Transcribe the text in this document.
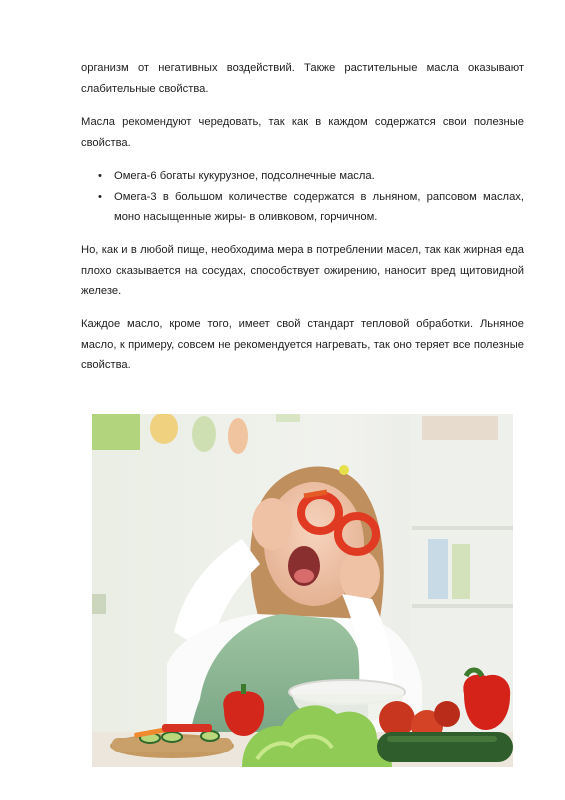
организм от негативных воздействий. Также растительные масла оказывают слабительные свойства.

Масла рекомендуют чередовать, так как в каждом содержатся свои полезные свойства.

• Омега-6 богаты кукурузное, подсолнечные масла.
• Омега-3 в большом количестве содержатся в льняном, рапсовом маслах, моно насыщенные жиры- в оливковом, горчичном.

Но, как и в любой пище, необходима мера в потреблении масел, так как жирная еда плохо сказывается на сосудах, способствует ожирению, наносит вред щитовидной железе.

Каждое масло, кроме того, имеет свой стандарт тепловой обработки. Льняное масло, к примеру, совсем не рекомендуется нагревать, так оно теряет все полезные свойства.
